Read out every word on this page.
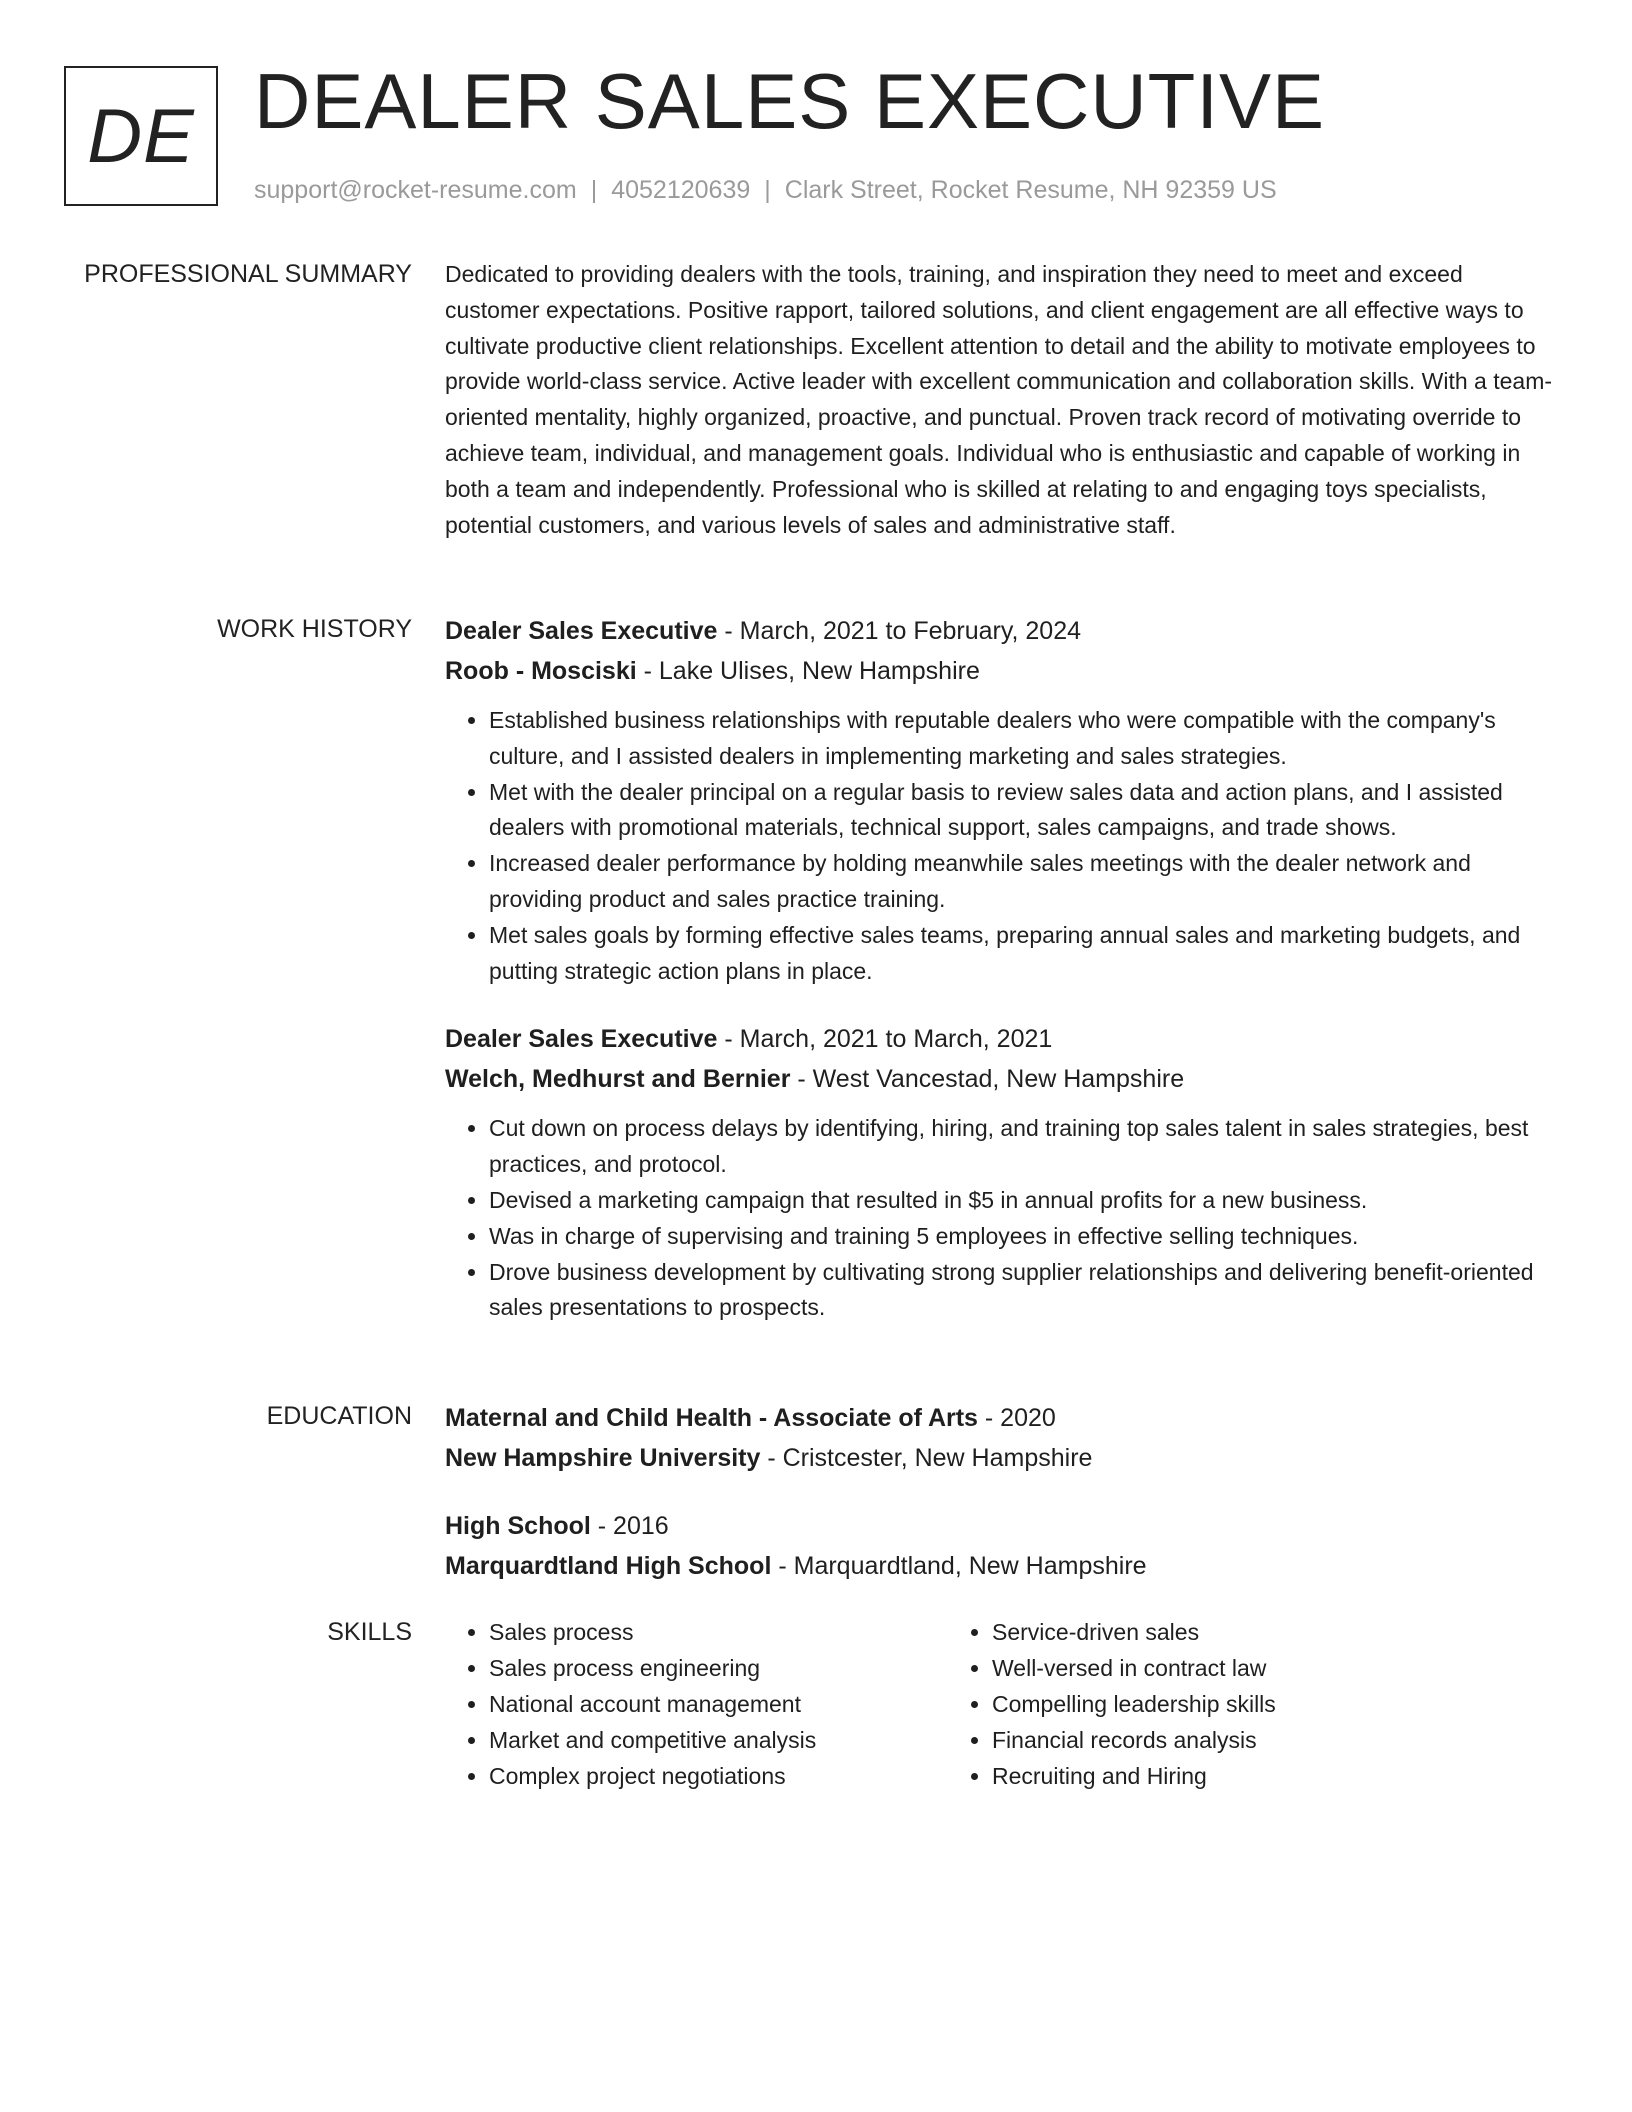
DE DEALER SALES EXECUTIVE
support@rocket-resume.com | 4052120639 | Clark Street, Rocket Resume, NH 92359 US
PROFESSIONAL SUMMARY Dedicated to providing dealers with the tools, training, and inspiration they need to meet and exceed customer expectations. Positive rapport, tailored solutions, and client engagement are all effective ways to cultivate productive client relationships. Excellent attention to detail and the ability to motivate employees to provide world-class service. Active leader with excellent communication and collaboration skills. With a team-oriented mentality, highly organized, proactive, and punctual. Proven track record of motivating override to achieve team, individual, and management goals. Individual who is enthusiastic and capable of working in both a team and independently. Professional who is skilled at relating to and engaging toys specialists, potential customers, and various levels of sales and administrative staff.

WORK HISTORY Dealer Sales Executive - March, 2021 to February, 2024

Roob - Mosciski - Lake Ulises, New Hampshire

• Established business relationships with reputable dealers who were compatible with the company's culture, and I assisted dealers in implementing marketing and sales strategies.
• Met with the dealer principal on a regular basis to review sales data and action plans, and I assisted dealers with promotional materials, technical support, sales campaigns, and trade shows.
• Increased dealer performance by holding meanwhile sales meetings with the dealer network and providing product and sales practice training.
• Met sales goals by forming effective sales teams, preparing annual sales and marketing budgets, and putting strategic action plans in place.

Dealer Sales Executive - March, 2021 to March, 2021

Welch, Medhurst and Bernier - West Vancestad, New Hampshire

• Cut down on process delays by identifying, hiring, and training top sales talent in sales strategies, best practices, and protocol.
• Devised a marketing campaign that resulted in $5 in annual profits for a new business.
• Was in charge of supervising and training 5 employees in effective selling techniques.
• Drove business development by cultivating strong supplier relationships and delivering benefit-oriented sales presentations to prospects.
EDUCATION Maternal and Child Health - Associate of Arts - 2020

New Hampshire University - Cristcester, New Hampshire

High School - 2016

Marquardtland High School - Marquardtland, New Hampshire

SKILLS
•	Sales process
• Sales process engineering
• National account management
• Market and competitive analysis
• Complex project negotiations
• Service-driven sales
• Well-versed in contract law
• Compelling leadership skills
• Financial records analysis
• Recruiting and Hiring
